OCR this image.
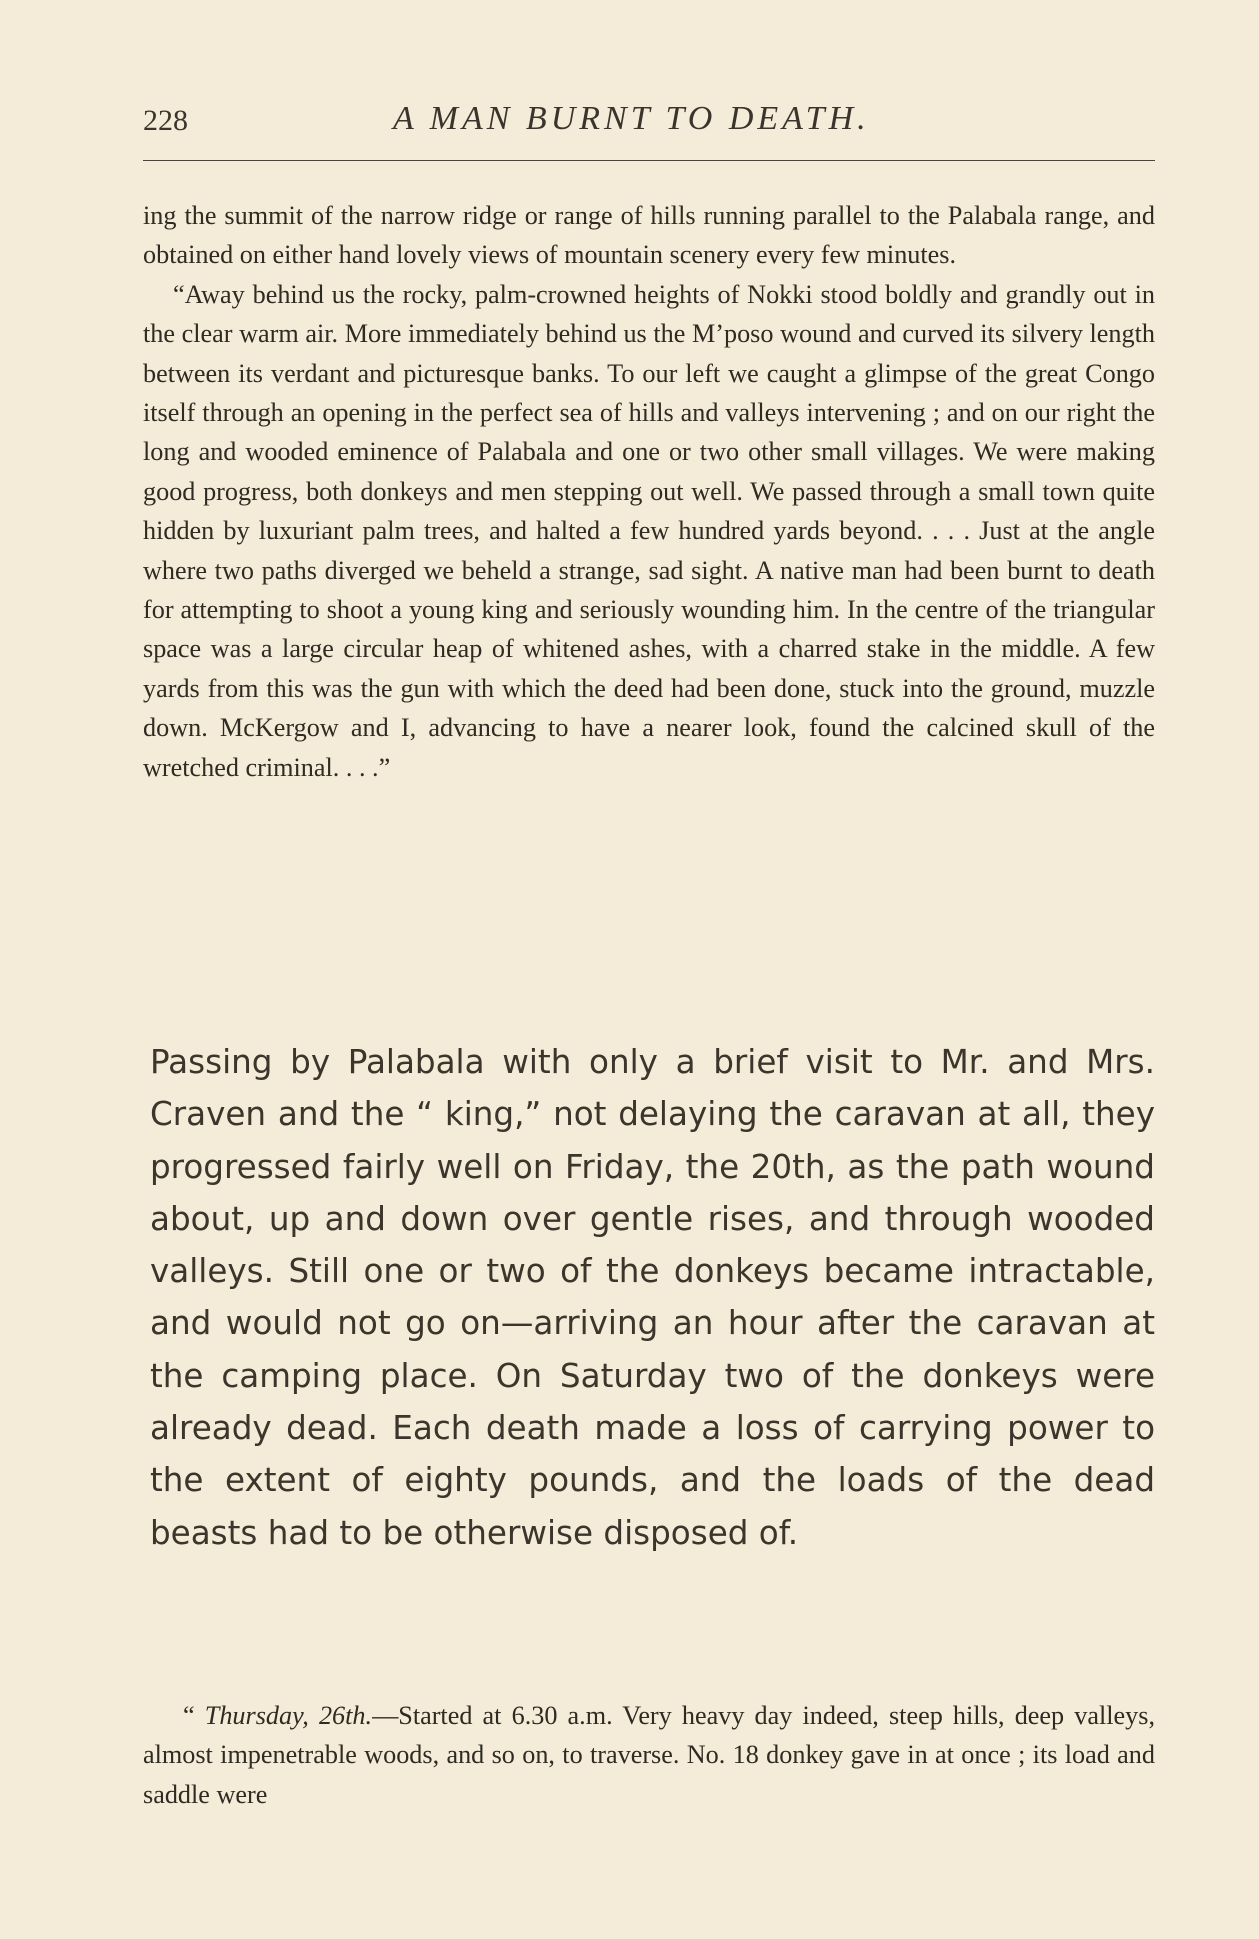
228	A MAN BURNT TO DEATH.

ing the summit of the narrow ridge or range of hills running parallel to the Palabala range, and obtained on either hand lovely views of mountain scenery every few minutes.

“Away behind us the rocky, palm-crowned heights of Nokki stood boldly and grandly out in the clear warm air. More immediately behind us the M’poso wound and curved its silvery length between its verdant and picturesque banks. To our left we caught a glimpse of the great Congo itself through an opening in the perfect sea of hills and valleys intervening ; and on our right the long and wooded eminence of Palabala and one or two other small villages. We were making good progress, both donkeys and men stepping out well. We passed through a small town quite hidden by luxuriant palm trees, and halted a few hundred yards beyond. . . . Just at the angle where two paths diverged we beheld a strange, sad sight. A native man had been burnt to death for attempting to shoot a young king and seriously wounding him. In the centre of the triangular space was a large circular heap of whitened ashes, with a charred stake in the middle. A few yards from this was the gun with which the deed had been done, stuck into the ground, muzzle down. McKergow and I, advancing to have a nearer look, found the calcined skull of the wretched criminal. . . .”

Passing by Palabala with only a brief visit to Mr. and Mrs. Craven and the “ king,” not delaying the caravan at all, they progressed fairly well on Friday, the 20th, as the path wound about, up and down over gentle rises, and through wooded valleys. Still one or two of the donkeys became intractable, and would not go on—arriving an hour after the caravan at the camping place. On Saturday two of the donkeys were already dead. Each death made a loss of carrying power to the extent of eighty pounds, and the loads of the dead beasts had to be otherwise disposed of.

“ Thursday, 26th.—Started at 6.30 a.m. Very heavy day indeed, steep hills, deep valleys, almost impenetrable woods, and so on, to traverse. No. 18 donkey gave in at once ; its load and saddle were
